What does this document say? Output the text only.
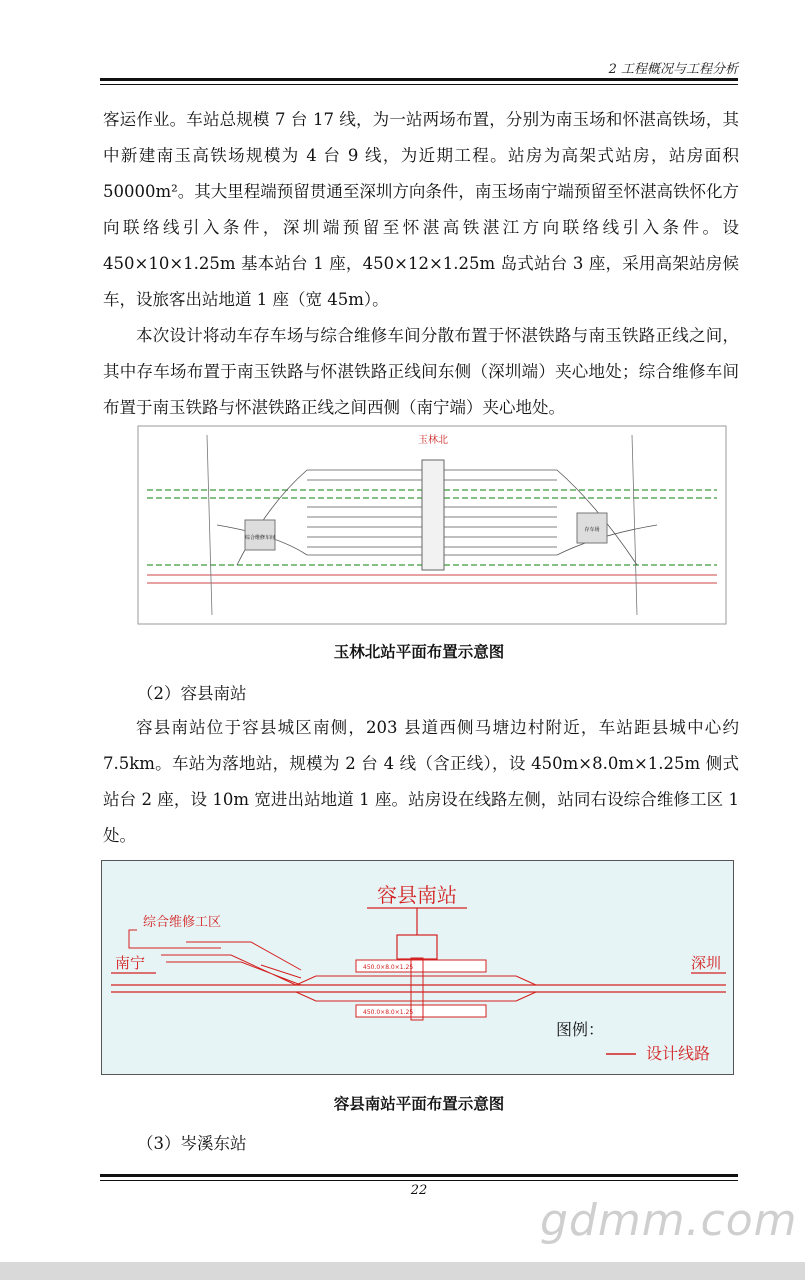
2 工程概况与工程分析
客运作业。车站总规模 7 台 17 线，为一站两场布置，分别为南玉场和怀湛高铁场，其中新建南玉高铁场规模为 4 台 9 线，为近期工程。站房为高架式站房，站房面积 50000m²。其大里程端预留贯通至深圳方向条件，南玉场南宁端预留至怀湛高铁怀化方向联络线引入条件，深圳端预留至怀湛高铁湛江方向联络线引入条件。设 450×10×1.25m 基本站台 1 座，450×12×1.25m 岛式站台 3 座，采用高架站房候车，设旅客出站地道 1 座（宽 45m）。
本次设计将动车存车场与综合维修车间分散布置于怀湛铁路与南玉铁路正线之间，其中存车场布置于南玉铁路与怀湛铁路正线间东侧（深圳端）夹心地处；综合维修车间布置于南玉铁路与怀湛铁路正线之间西侧（南宁端）夹心地处。
玉林北
综合维修车间
存车场
玉林北站平面布置示意图
（2）容县南站
容县南站位于容县城区南侧，203 县道西侧马塘边村附近，车站距县城中心约 7.5km。车站为落地站，规模为 2 台 4 线（含正线），设 450m×8.0m×1.25m 侧式站台 2 座，设 10m 宽进出站地道 1 座。站房设在线路左侧，站同右设综合维修工区 1 处。
容县南站
综合维修工区
南宁	深圳
450.0×8.0×1.25
450.0×8.0×1.25
图例：
设计线路
容县南站平面布置示意图
（3）岑溪东站
22
gdmm.com
